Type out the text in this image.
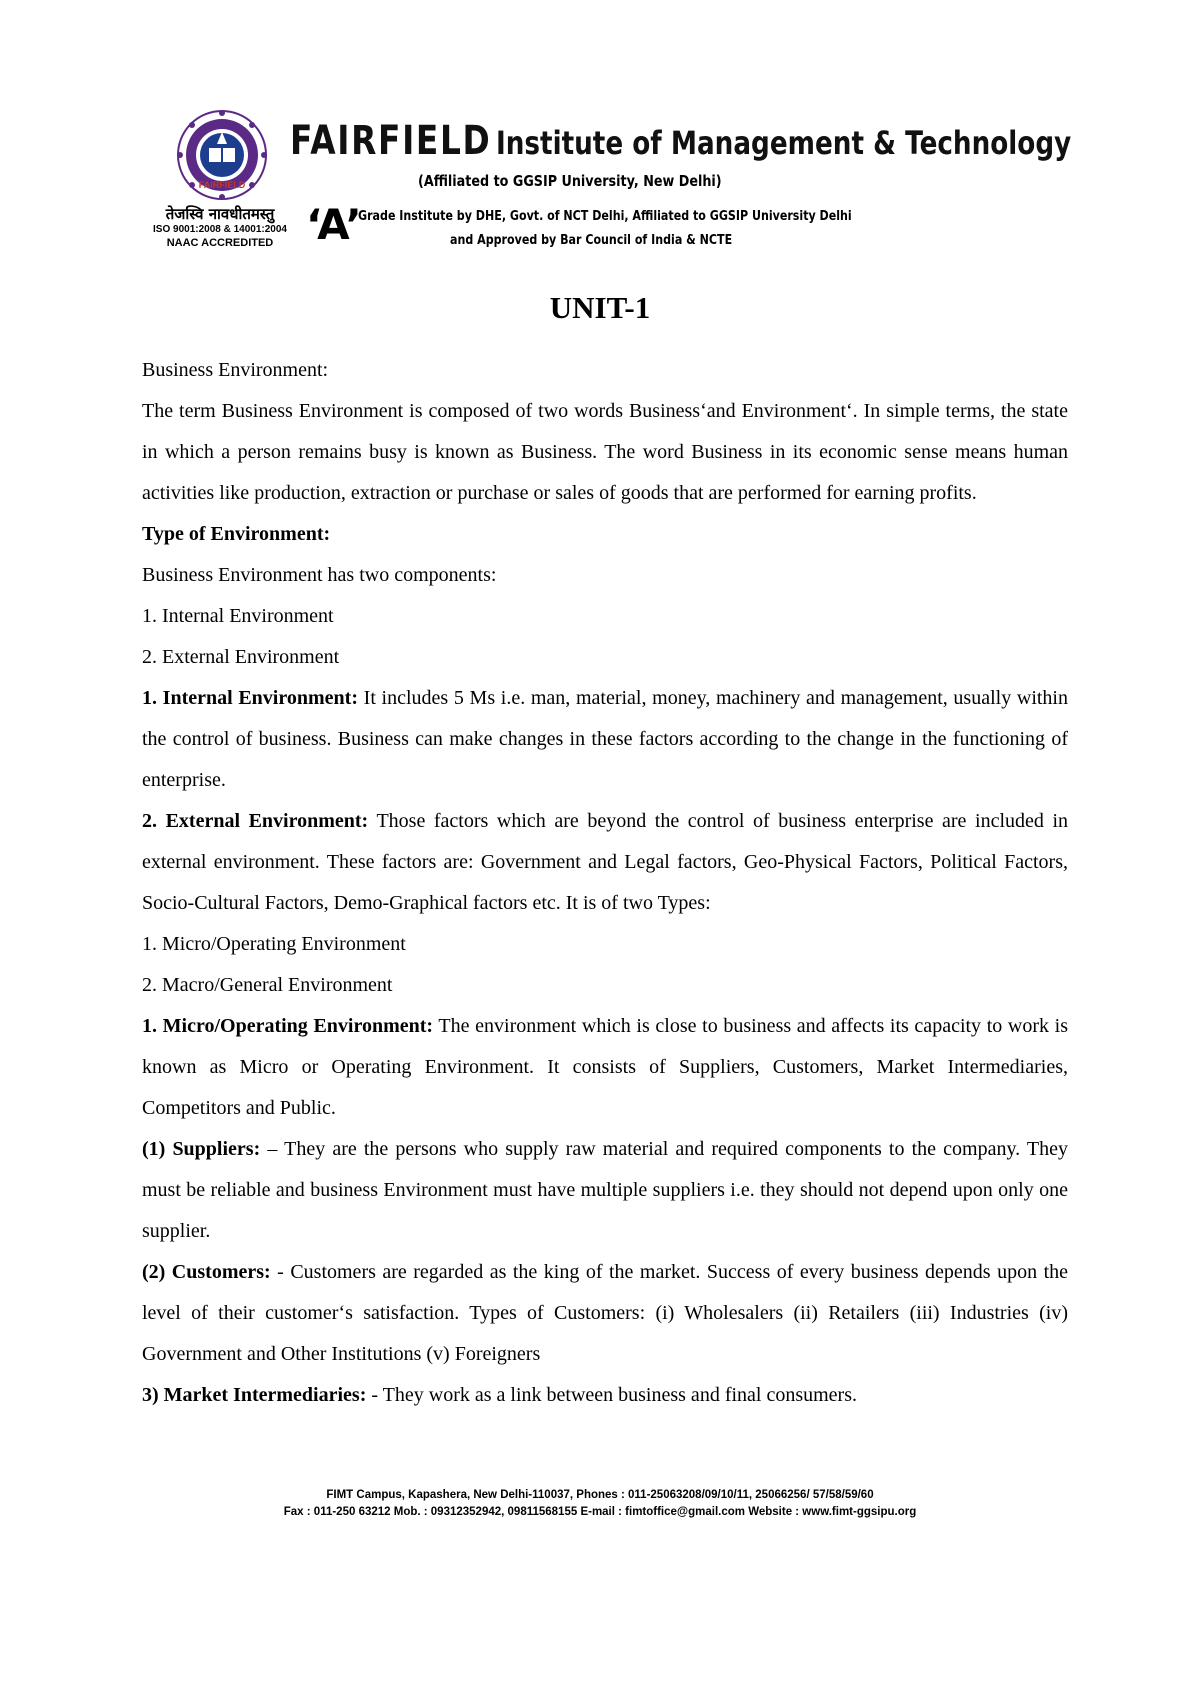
FAIRFIELD
तेजस्वि नावधीतमस्तु
ISO 9001:2008 & 14001:2004
NAAC ACCREDITED
FAIRFIELD Institute of Management & Technology
(Affiliated to GGSIP University, New Delhi)
‘A’
Grade Institute by DHE, Govt. of NCT Delhi, Affiliated to GGSIP University Delhi
and Approved by Bar Council of India & NCTE
UNIT-1

Business Environment:

The term Business Environment is composed of two words Business‘and Environment‘. In simple terms, the state in which a person remains busy is known as Business. The word Business in its economic sense means human activities like production, extraction or purchase or sales of goods that are performed for earning profits.

Type of Environment:

Business Environment has two components:

1. Internal Environment

2. External Environment

1. Internal Environment: It includes 5 Ms i.e. man, material, money, machinery and management, usually within the control of business. Business can make changes in these factors according to the change in the functioning of enterprise.

2. External Environment: Those factors which are beyond the control of business enterprise are included in external environment. These factors are: Government and Legal factors, Geo-Physical Factors, Political Factors, Socio-Cultural Factors, Demo-Graphical factors etc. It is of two Types:

1. Micro/Operating Environment

2. Macro/General Environment

1. Micro/Operating Environment: The environment which is close to business and affects its capacity to work is known as Micro or Operating Environment. It consists of Suppliers, Customers, Market Intermediaries, Competitors and Public.

(1) Suppliers: – They are the persons who supply raw material and required components to the company. They must be reliable and business Environment must have multiple suppliers i.e. they should not depend upon only one supplier.

(2) Customers: - Customers are regarded as the king of the market. Success of every business depends upon the level of their customer‘s satisfaction. Types of Customers: (i) Wholesalers (ii) Retailers (iii) Industries (iv) Government and Other Institutions (v) Foreigners

3) Market Intermediaries: - They work as a link between business and final consumers.

FIMT Campus, Kapashera, New Delhi-110037, Phones : 011-25063208/09/10/11, 25066256/ 57/58/59/60
Fax : 011-250 63212 Mob. : 09312352942, 09811568155 E-mail : fimtoffice@gmail.com Website : www.fimt-ggsipu.org
